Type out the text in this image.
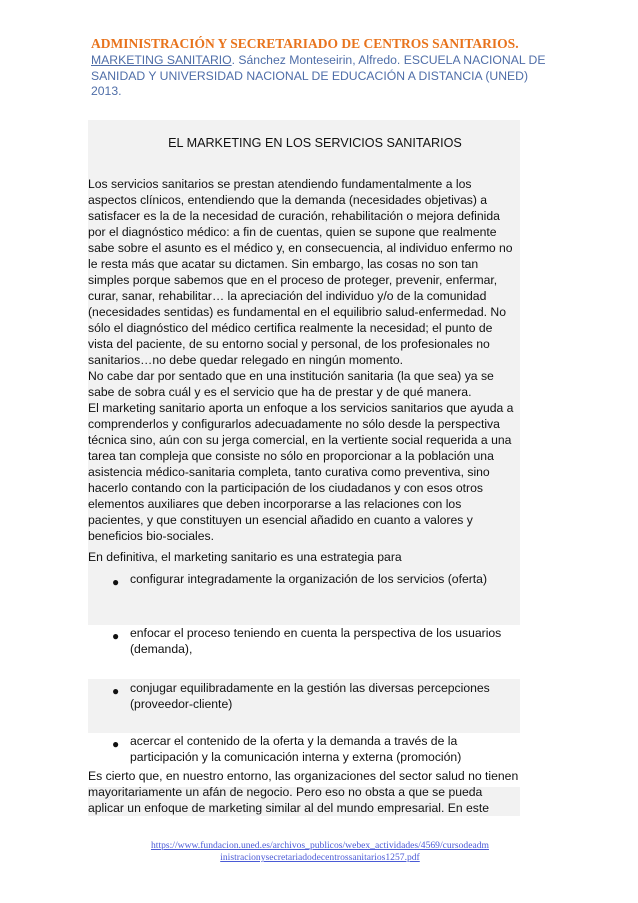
ADMINISTRACIÓN Y SECRETARIADO DE CENTROS SANITARIOS.
MARKETING SANITARIO. Sánchez Monteseirin, Alfredo. ESCUELA NACIONAL DE SANIDAD Y UNIVERSIDAD NACIONAL DE EDUCACIÓN A DISTANCIA (UNED) 2013.
EL MARKETING EN LOS SERVICIOS SANITARIOS

Los servicios sanitarios se prestan atendiendo fundamentalmente a los aspectos clínicos, entendiendo que la demanda (necesidades objetivas) a satisfacer es la de la necesidad de curación, rehabilitación o mejora definida por el diagnóstico médico: a fin de cuentas, quien se supone que realmente sabe sobre el asunto es el médico y, en consecuencia, al individuo enfermo no le resta más que acatar su dictamen. Sin embargo, las cosas no son tan simples porque sabemos que en el proceso de proteger, prevenir, enfermar, curar, sanar, rehabilitar… la apreciación del individuo y/o de la comunidad (necesidades sentidas) es fundamental en el equilibrio salud-enfermedad. No sólo el diagnóstico del médico certifica realmente la necesidad; el punto de vista del paciente, de su entorno social y personal, de los profesionales no sanitarios…no debe quedar relegado en ningún momento.

No cabe dar por sentado que en una institución sanitaria (la que sea) ya se sabe de sobra cuál y es el servicio que ha de prestar y de qué manera.

El marketing sanitario aporta un enfoque a los servicios sanitarios que ayuda a comprenderlos y configurarlos adecuadamente no sólo desde la perspectiva técnica sino, aún con su jerga comercial, en la vertiente social requerida a una tarea tan compleja que consiste no sólo en proporcionar a la población una asistencia médico-sanitaria completa, tanto curativa como preventiva, sino hacerlo contando con la participación de los ciudadanos y con esos otros elementos auxiliares que deben incorporarse a las relaciones con los pacientes, y que constituyen un esencial añadido en cuanto a valores y beneficios bio-sociales.

En definitiva, el marketing sanitario es una estrategia para
● configurar integradamente la organización de los servicios (oferta)
● enfocar el proceso teniendo en cuenta la perspectiva de los usuarios (demanda),
● conjugar equilibradamente en la gestión las diversas percepciones (proveedor-cliente)
● acercar el contenido de la oferta y la demanda a través de la participación y la comunicación interna y externa (promoción)
Es cierto que, en nuestro entorno, las organizaciones del sector salud no tienen mayoritariamente un afán de negocio. Pero eso no obsta a que se pueda aplicar un enfoque de marketing similar al del mundo empresarial. En este
https://www.fundacion.uned.es/archivos_publicos/webex_actividades/4569/cursodeadm
inistracionysecretariadodecentrossanitarios1257.pdf
